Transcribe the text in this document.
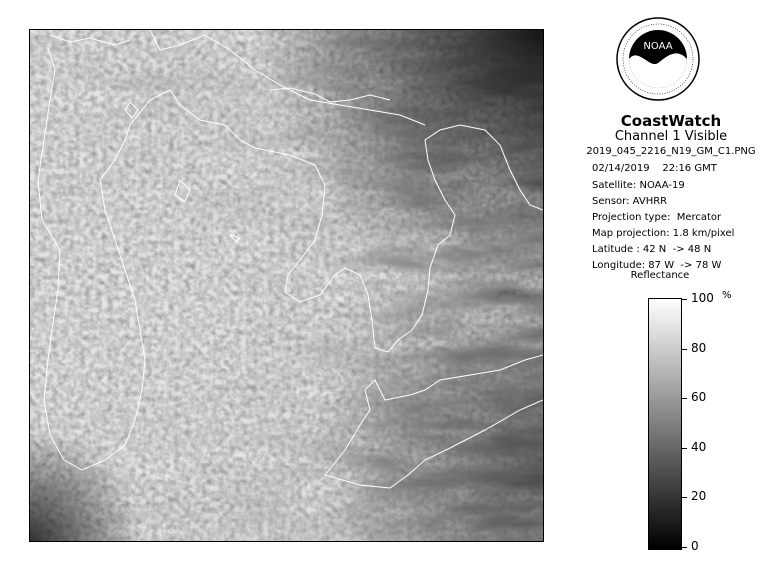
NOAA
CoastWatch
Channel 1 Visible
2019_045_2216_N19_GM_C1.PNG
02/14/2019    22:16 GMT
Satellite: NOAA-19
Sensor: AVHRR
Projection type:  Mercator
Map projection: 1.8 km/pixel
Latitude : 42 N  -> 48 N
Longitude: 87 W  -> 78 W
Reflectance
%
100
80
60
40
20
0
